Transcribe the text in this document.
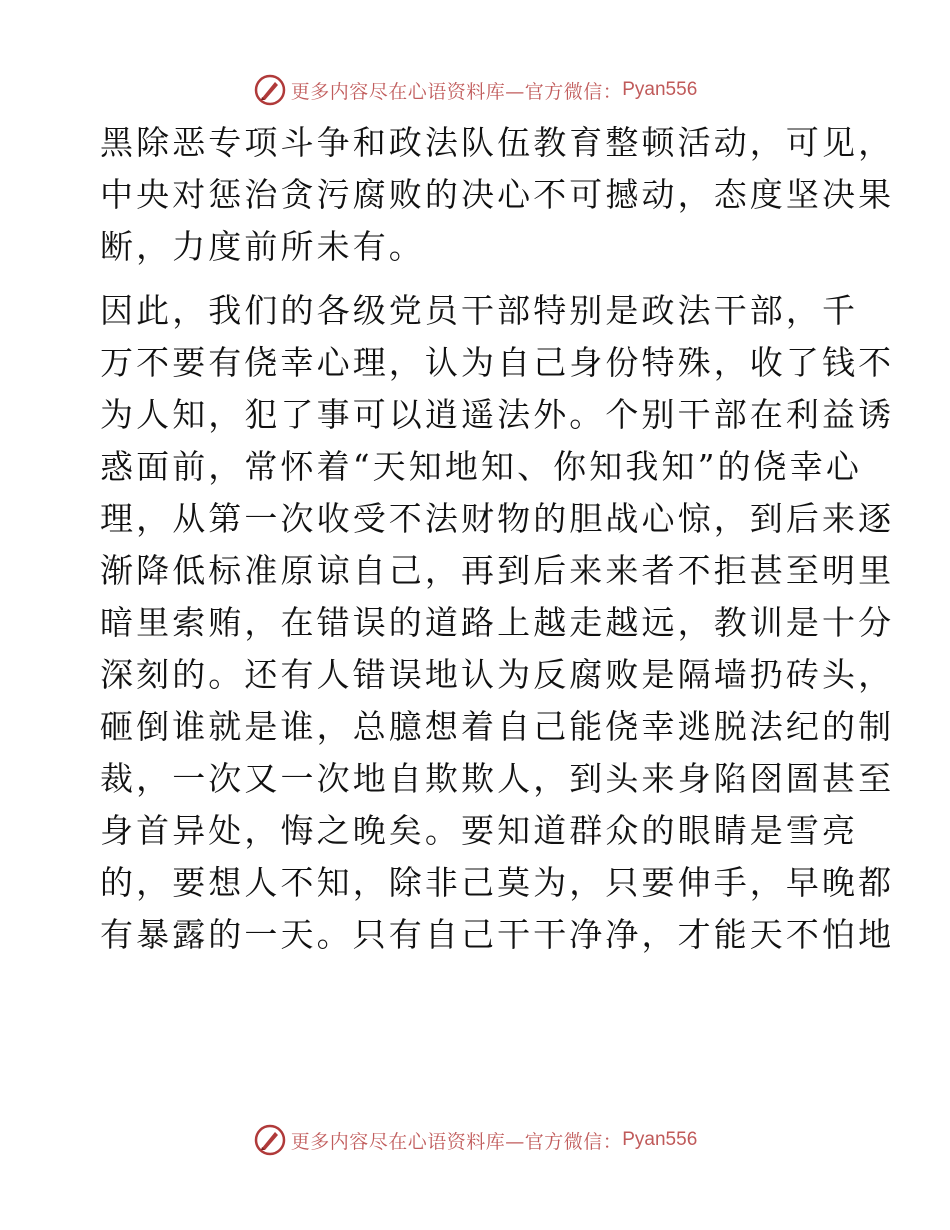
更多内容尽在心语资料库—官方微信： Pyan556

黑除恶专项斗争和政法队伍教育整顿活动，可见，
中央对惩治贪污腐败的决心不可撼动，态度坚决果
断，力度前所未有。

因此，我们的各级党员干部特别是政法干部，千
万不要有侥幸心理，认为自己身份特殊，收了钱不
为人知，犯了事可以逍遥法外。个别干部在利益诱
惑面前，常怀着“天知地知、你知我知”的侥幸心
理，从第一次收受不法财物的胆战心惊，到后来逐
渐降低标准原谅自己，再到后来来者不拒甚至明里
暗里索贿，在错误的道路上越走越远，教训是十分
深刻的。还有人错误地认为反腐败是隔墙扔砖头，
砸倒谁就是谁，总臆想着自己能侥幸逃脱法纪的制
裁，一次又一次地自欺欺人，到头来身陷囹圄甚至
身首异处，悔之晚矣。要知道群众的眼睛是雪亮
的，要想人不知，除非己莫为，只要伸手，早晚都
有暴露的一天。只有自己干干净净，才能天不怕地

更多内容尽在心语资料库—官方微信： Pyan556
